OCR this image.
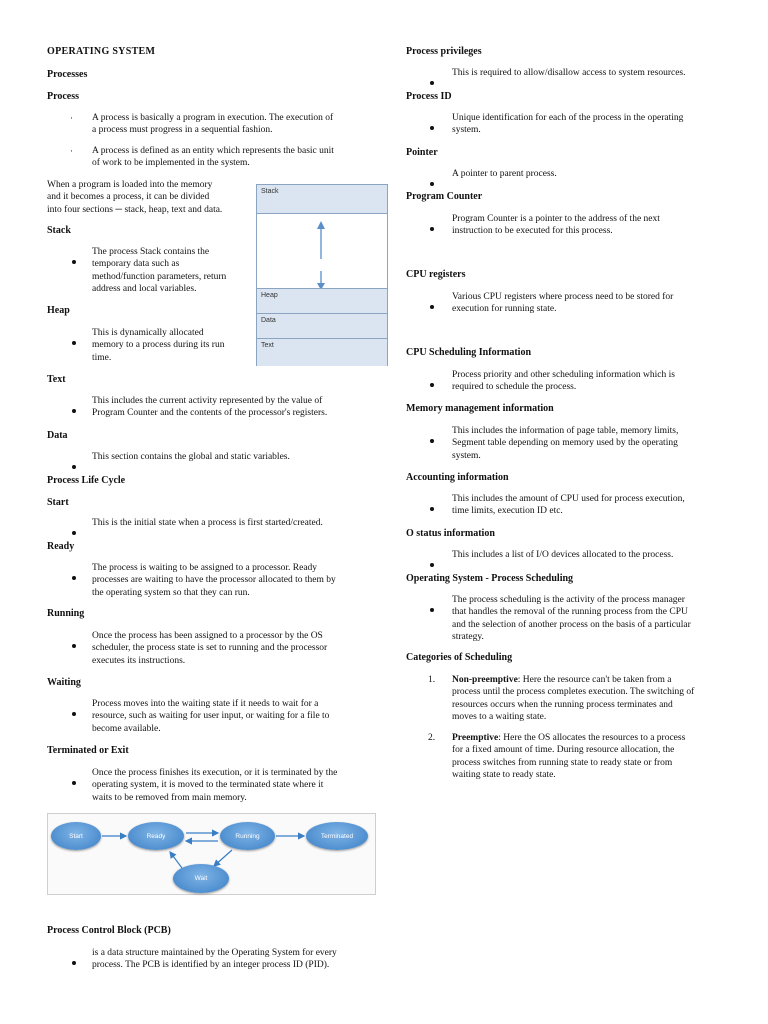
OPERATING SYSTEM
Processes
Process
· A process is basically a program in execution. The execution of
a process must progress in a sequential fashion.
· A process is defined as an entity which represents the basic unit
of work to be implemented in the system.
When a program is loaded into the memory
and it becomes a process, it can be divided
into four sections ─ stack, heap, text and data.
Stack
The process Stack contains the
temporary data such as
method/function parameters, return
address and local variables.
Heap
This is dynamically allocated
memory to a process during its run
time.
Stack
Heap
Data
Text
Text
This includes the current activity represented by the value of
Program Counter and the contents of the processor's registers.
Data
This section contains the global and static variables.
Process Life Cycle
Start
This is the initial state when a process is first started/created.
Ready
The process is waiting to be assigned to a processor. Ready
processes are waiting to have the processor allocated to them by
the operating system so that they can run.
Running
Once the process has been assigned to a processor by the OS
scheduler, the process state is set to running and the processor
executes its instructions.
Waiting
Process moves into the waiting state if it needs to wait for a
resource, such as waiting for user input, or waiting for a file to
become available.
Terminated or Exit
Once the process finishes its execution, or it is terminated by the
operating system, it is moved to the terminated state where it
waits to be removed from main memory.
Start	Ready	Running	Terminated
Wait
Process Control Block (PCB)
is a data structure maintained by the Operating System for every
process. The PCB is identified by an integer process ID (PID).
Process privileges
This is required to allow/disallow access to system resources.
Process ID
Unique identification for each of the process in the operating
system.
Pointer
A pointer to parent process.
Program Counter
Program Counter is a pointer to the address of the next
instruction to be executed for this process.
CPU registers
Various CPU registers where process need to be stored for
execution for running state.
CPU Scheduling Information
Process priority and other scheduling information which is
required to schedule the process.
Memory management information
This includes the information of page table, memory limits,
Segment table depending on memory used by the operating
system.
Accounting information
This includes the amount of CPU used for process execution,
time limits, execution ID etc.
O status information
This includes a list of I/O devices allocated to the process.
Operating System - Process Scheduling
The process scheduling is the activity of the process manager
that handles the removal of the running process from the CPU
and the selection of another process on the basis of a particular
strategy.
Categories of Scheduling
1. Non-preemptive: Here the resource can't be taken from a
process until the process completes execution. The switching of
resources occurs when the running process terminates and
moves to a waiting state.
2. Preemptive: Here the OS allocates the resources to a process
for a fixed amount of time. During resource allocation, the
process switches from running state to ready state or from
waiting state to ready state.
